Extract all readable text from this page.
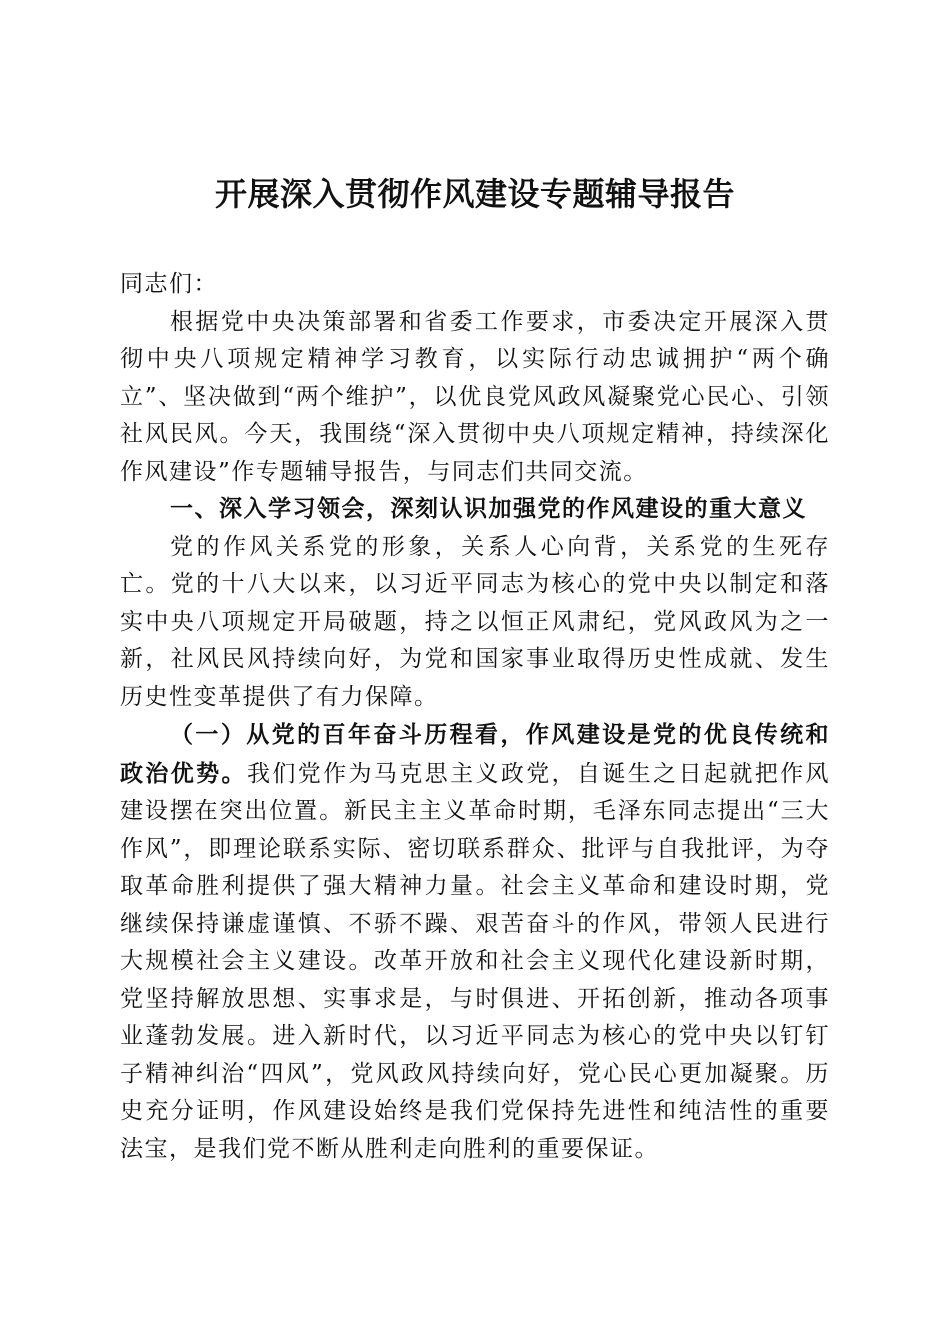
开展深入贯彻作风建设专题辅导报告

同志们：

根据党中央决策部署和省委工作要求，市委决定开展深入贯彻中央八项规定精神学习教育，以实际行动忠诚拥护“两个确立”、坚决做到“两个维护”，以优良党风政风凝聚党心民心、引领社风民风。今天，我围绕“深入贯彻中央八项规定精神，持续深化作风建设”作专题辅导报告，与同志们共同交流。

一、深入学习领会，深刻认识加强党的作风建设的重大意义

党的作风关系党的形象，关系人心向背，关系党的生死存亡。党的十八大以来，以习近平同志为核心的党中央以制定和落实中央八项规定开局破题，持之以恒正风肃纪，党风政风为之一新，社风民风持续向好，为党和国家事业取得历史性成就、发生历史性变革提供了有力保障。

（一）从党的百年奋斗历程看，作风建设是党的优良传统和政治优势。我们党作为马克思主义政党，自诞生之日起就把作风建设摆在突出位置。新民主主义革命时期，毛泽东同志提出“三大作风”，即理论联系实际、密切联系群众、批评与自我批评，为夺取革命胜利提供了强大精神力量。社会主义革命和建设时期，党继续保持谦虚谨慎、不骄不躁、艰苦奋斗的作风，带领人民进行大规模社会主义建设。改革开放和社会主义现代化建设新时期，党坚持解放思想、实事求是，与时俱进、开拓创新，推动各项事业蓬勃发展。进入新时代，以习近平同志为核心的党中央以钉钉子精神纠治“四风”，党风政风持续向好，党心民心更加凝聚。历史充分证明，作风建设始终是我们党保持先进性和纯洁性的重要法宝，是我们党不断从胜利走向胜利的重要保证。
